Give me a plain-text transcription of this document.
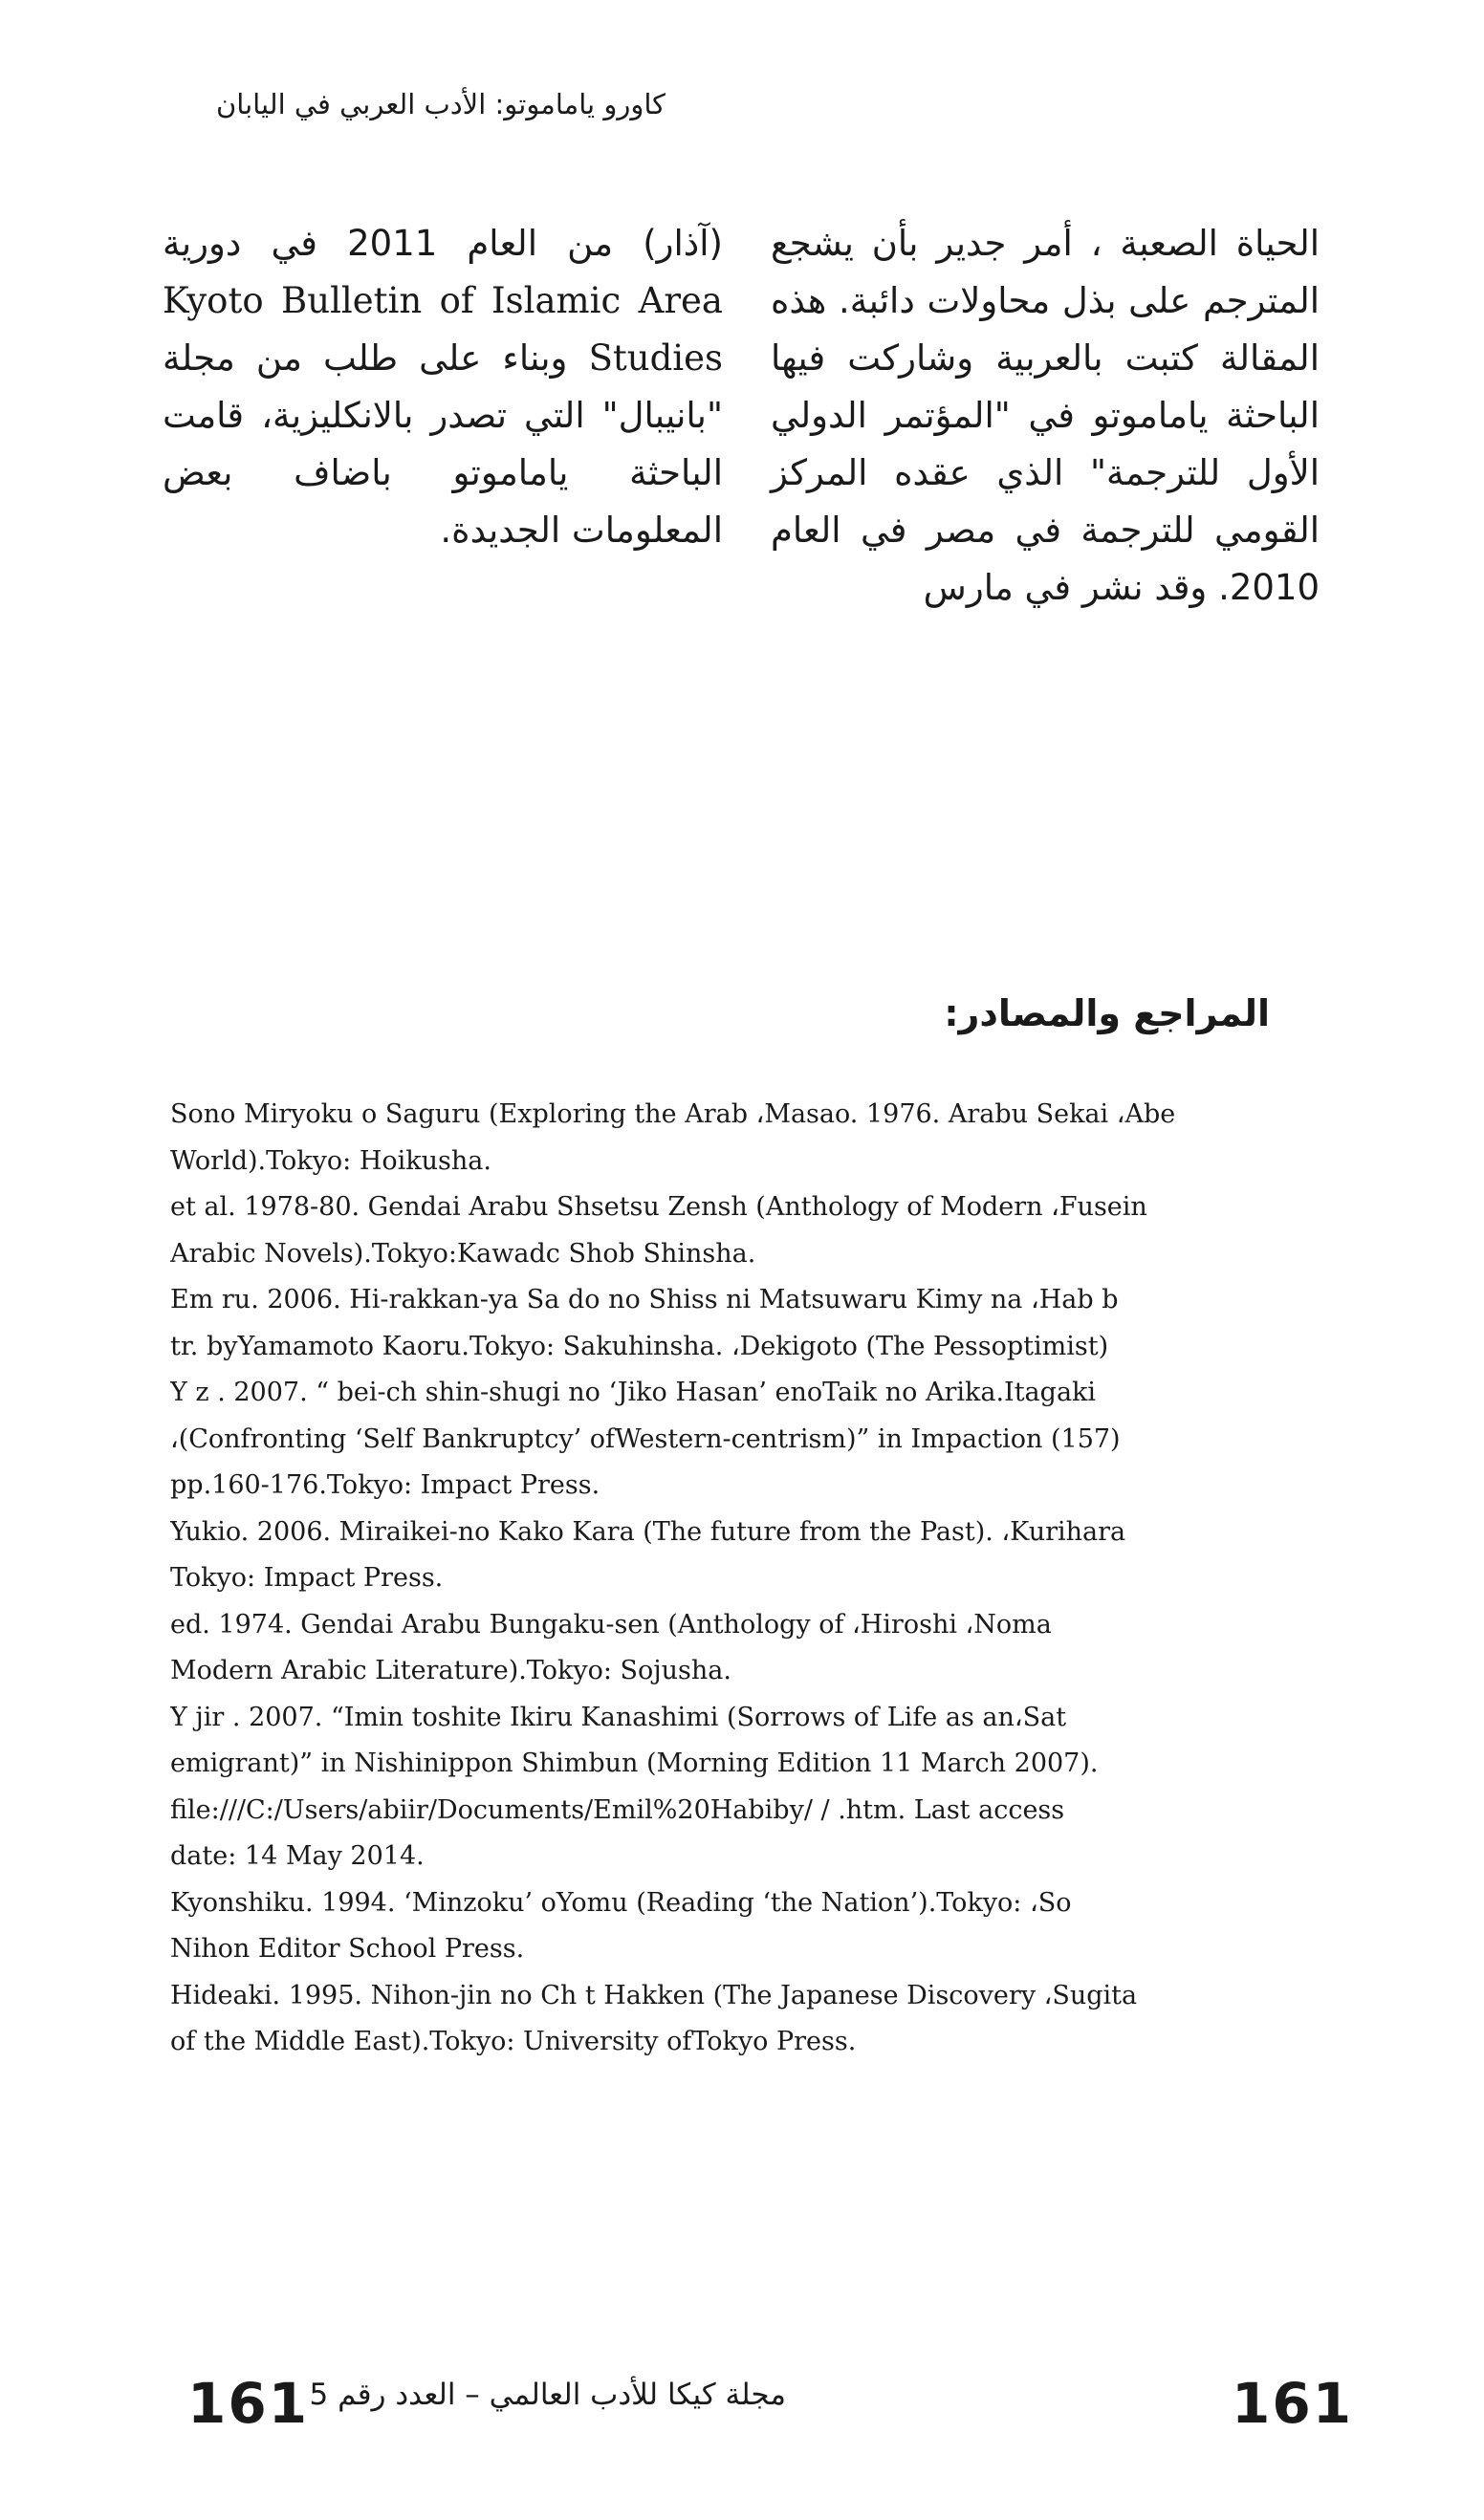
كاورو ياماموتو: الأدب العربي في اليابان

الحياة الصعبة ، أمر جدير بأن يشجع المترجم على بذل محاولات دائبة. هذه المقالة كتبت بالعربية وشاركت فيها الباحثة ياماموتو في "المؤتمر الدولي الأول للترجمة" الذي عقده المركز القومي للترجمة في مصر في العام 2010. وقد نشر في مارس

(آذار) من العام 2011 في دورية Kyoto Bulletin of Islamic Area Studies وبناء على طلب من مجلة "بانيبال" التي تصدر بالانكليزية، قامت الباحثة ياماموتو باضاف بعض المعلومات الجديدة.

المراجع والمصادر:

Sono Miryoku o Saguru (Exploring the Arab ،Masao. 1976. Arabu Sekai ،Abe

World).Tokyo: Hoikusha.

et al. 1978-80. Gendai Arabu Shsetsu Zensh (Anthology of Modern ،Fusein

Arabic Novels).Tokyo:Kawadc Shob Shinsha.

Em ru. 2006. Hi-rakkan-ya Sa do no Shiss ni Matsuwaru Kimy na ،Hab b

tr. byYamamoto Kaoru.Tokyo: Sakuhinsha. ،Dekigoto (The Pessoptimist)

Y z . 2007. “ bei-ch shin-shugi no ‘Jiko Hasan’ enoTaik no Arika.Itagaki

،(Confronting ‘Self Bankruptcy’ ofWestern-centrism)” in Impaction (157)

pp.160-176.Tokyo: Impact Press.

Yukio. 2006. Miraikei-no Kako Kara (The future from the Past). ،Kurihara

Tokyo: Impact Press.

ed. 1974. Gendai Arabu Bungaku-sen (Anthology of ،Hiroshi ،Noma

Modern Arabic Literature).Tokyo: Sojusha.

Y jir . 2007. “Imin toshite Ikiru Kanashimi (Sorrows of Life as an،Sat

emigrant)” in Nishinippon Shimbun (Morning Edition 11 March 2007).

file:///C:/Users/abiir/Documents/Emil%20Habiby/ / .htm. Last access

date: 14 May 2014.

Kyonshiku. 1994. ‘Minzoku’ oYomu (Reading ‘the Nation’).Tokyo: ،So

Nihon Editor School Press.

Hideaki. 1995. Nihon-jin no Ch t Hakken (The Japanese Discovery ،Sugita

of the Middle East).Tokyo: University ofTokyo Press.

161 مجلة كيكا للأدب العالمي – العدد رقم 5	161
